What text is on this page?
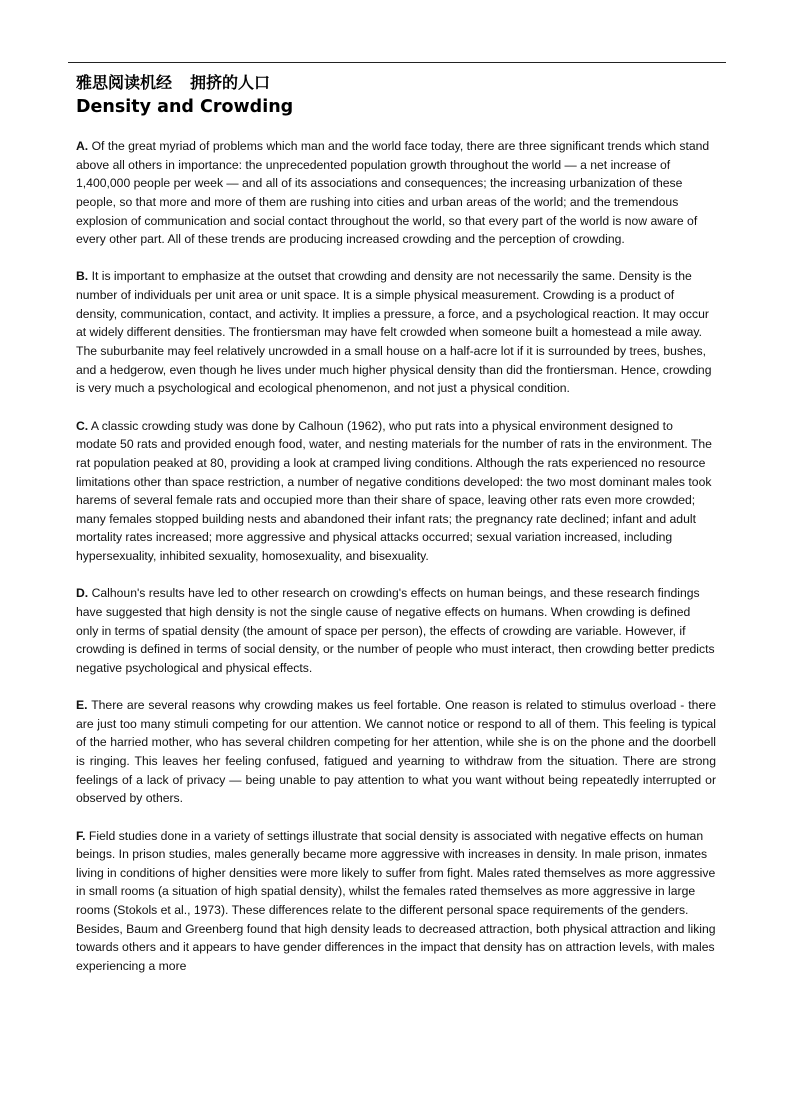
雅思阅读机经 拥挤的人口
Density and Crowding

A. Of the great myriad of problems which man and the world face today, there are three significant trends which stand above all others in importance: the unprecedented population growth throughout the world — a net increase of 1,400,000 people per week — and all of its associations and consequences; the increasing urbanization of these people, so that more and more of them are rushing into cities and urban areas of the world; and the tremendous explosion of communication and social contact throughout the world, so that every part of the world is now aware of every other part. All of these trends are producing increased crowding and the perception of crowding.

B. It is important to emphasize at the outset that crowding and density are not necessarily the same. Density is the number of individuals per unit area or unit space. It is a simple physical measurement. Crowding is a product of density, communication, contact, and activity. It implies a pressure, a force, and a psychological reaction. It may occur at widely different densities. The frontiersman may have felt crowded when someone built a homestead a mile away. The suburbanite may feel relatively uncrowded in a small house on a half-acre lot if it is surrounded by trees, bushes, and a hedgerow, even though he lives under much higher physical density than did the frontiersman. Hence, crowding is very much a psychological and ecological phenomenon, and not just a physical condition.

C. A classic crowding study was done by Calhoun (1962), who put rats into a physical environment designed to modate 50 rats and provided enough food, water, and nesting materials for the number of rats in the environment. The rat population peaked at 80, providing a look at cramped living conditions. Although the rats experienced no resource limitations other than space restriction, a number of negative conditions developed: the two most dominant males took harems of several female rats and occupied more than their share of space, leaving other rats even more crowded; many females stopped building nests and abandoned their infant rats; the pregnancy rate declined; infant and adult mortality rates increased; more aggressive and physical attacks occurred; sexual variation increased, including hypersexuality, inhibited sexuality, homosexuality, and bisexuality.

D. Calhoun's results have led to other research on crowding's effects on human beings, and these research findings have suggested that high density is not the single cause of negative effects on humans. When crowding is defined only in terms of spatial density (the amount of space per person), the effects of crowding are variable. However, if crowding is defined in terms of social density, or the number of people who must interact, then crowding better predicts negative psychological and physical effects.

E. There are several reasons why crowding makes us feel fortable. One reason is related to stimulus overload - there are just too many stimuli competing for our attention. We cannot notice or respond to all of them. This feeling is typical of the harried mother, who has several children competing for her attention, while she is on the phone and the doorbell is ringing. This leaves her feeling confused, fatigued and yearning to withdraw from the situation. There are strong feelings of a lack of privacy — being unable to pay attention to what you want without being repeatedly interrupted or observed by others.

F. Field studies done in a variety of settings illustrate that social density is associated with negative effects on human beings. In prison studies, males generally became more aggressive with increases in density. In male prison, inmates living in conditions of higher densities were more likely to suffer from fight. Males rated themselves as more aggressive in small rooms (a situation of high spatial density), whilst the females rated themselves as more aggressive in large rooms (Stokols et al., 1973). These differences relate to the different personal space requirements of the genders. Besides, Baum and Greenberg found that high density leads to decreased attraction, both physical attraction and liking towards others and it appears to have gender differences in the impact that density has on attraction levels, with males experiencing a more
